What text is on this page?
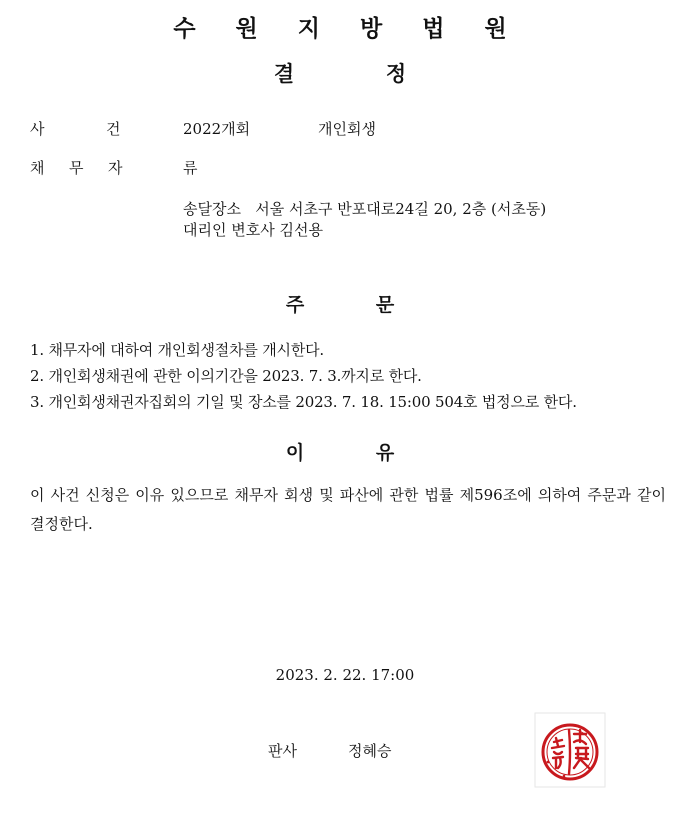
수 원 지 방 법 원
결	정
사	건	2022개회	개인회생
채 무 자	류
송달장소 서울 서초구 반포대로24길 20, 2층 (서초동)
대리인 변호사 김선용
주	문
1. 채무자에 대하여 개인회생절차를 개시한다.
2. 개인회생채권에 관한 이의기간을 2023. 7. 3.까지로 한다.
3. 개인회생채권자집회의 기일 및 장소를 2023. 7. 18. 15:00 504호 법정으로 한다.
이	유
이 사건 신청은 이유 있으므로 채무자 회생 및 파산에 관한 법률 제596조에 의하여 주문과 같이 결정한다.
2023. 2. 22. 17:00
판사	정혜승
